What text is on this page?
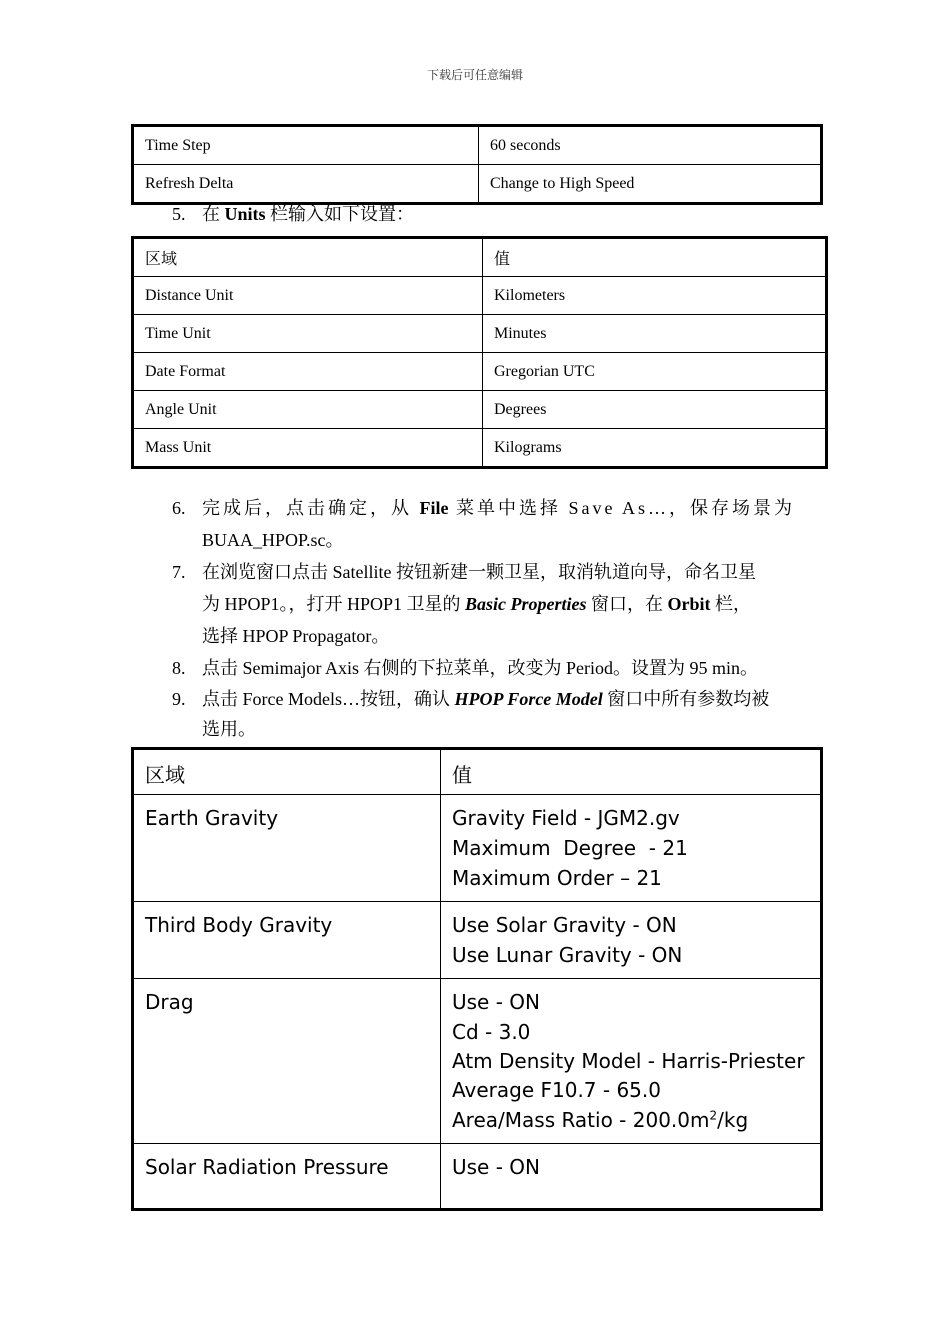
下载后可任意编辑
Time Step	60 seconds
Refresh Delta	Change to High Speed
5. 在 Units 栏输入如下设置：
区域	值
Distance Unit	Kilometers
Time Unit	Minutes
Date Format	Gregorian UTC
Angle Unit	Degrees
Mass Unit	Kilograms
6. 完成后，点击确定，从 File 菜单中选择 Save As…，保存场景为
BUAA_HPOP.sc。
7. 在浏览窗口点击 Satellite 按钮新建一颗卫星，取消轨道向导，命名卫星
为 HPOP1。，打开 HPOP1 卫星的 Basic Properties 窗口，在 Orbit 栏，
选择 HPOP Propagator。
8. 点击 Semimajor Axis 右侧的下拉菜单，改变为 Period。设置为 95 min。
9. 点击 Force Models…按钮，确认 HPOP Force Model 窗口中所有参数均被
选用。
区域	值
Earth Gravity	Gravity Field - JGM2.gv
Maximum  Degree  - 21
Maximum Order – 21

Third Body Gravity	Use Solar Gravity - ON
Use Lunar Gravity - ON

Drag	Use - ON
Cd - 3.0
Atm Density Model - Harris-Priester
Average F10.7 - 65.0
Area/Mass Ratio - $200.0m^2/kg$

Solar Radiation Pressure	Use - ON
